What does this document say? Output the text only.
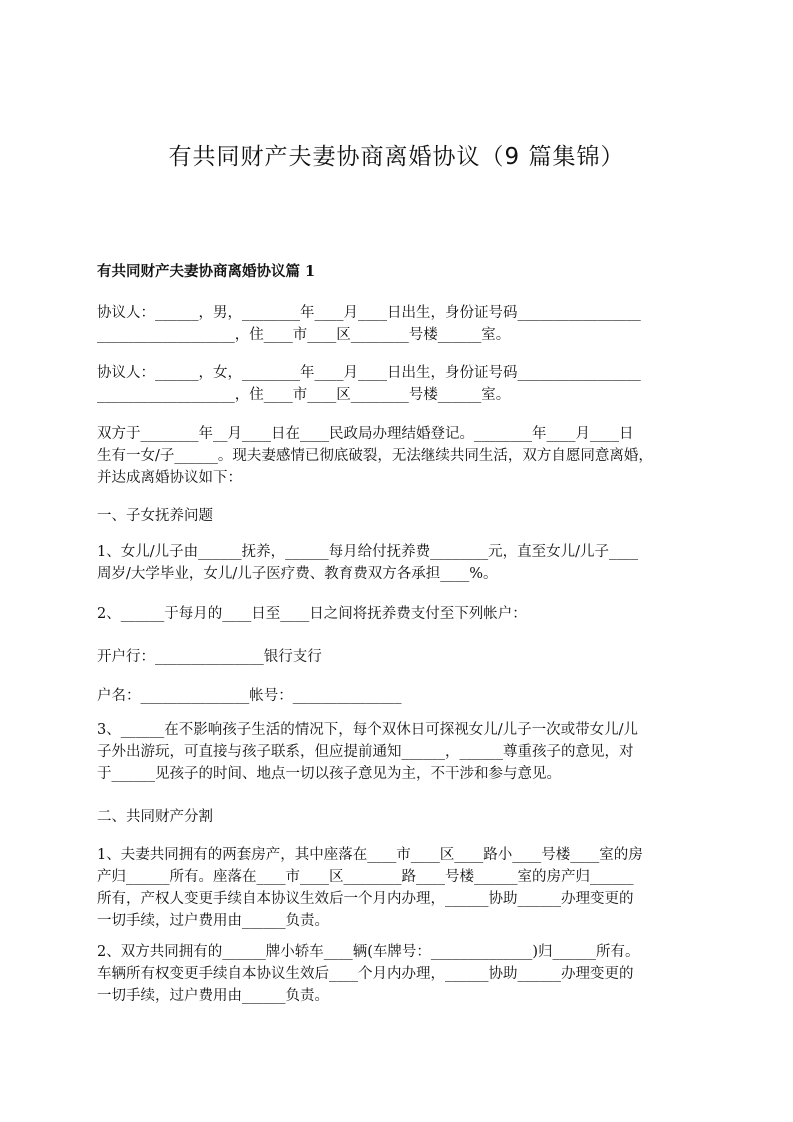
有共同财产夫妻协商离婚协议（9 篇集锦）
有共同财产夫妻协商离婚协议篇 1
协议人：______，男，________年____月____日出生，身份证号码_________________
___________________，住____市____区________号楼______室。
协议人：______，女，________年____月____日出生，身份证号码_________________
___________________，住____市____区________号楼______室。
双方于________年__月____日在____民政局办理结婚登记。________年____月____日
生有一女/子______。现夫妻感情已彻底破裂，无法继续共同生活，双方自愿同意离婚，
并达成离婚协议如下：
一、子女抚养问题
1、女儿/儿子由______抚养，______每月给付抚养费________元，直至女儿/儿子____
周岁/大学毕业，女儿/儿子医疗费、教育费双方各承担____%。
2、______于每月的____日至____日之间将抚养费支付至下列帐户：
开户行：_______________银行支行
户名：_______________帐号：_______________
3、______在不影响孩子生活的情况下，每个双休日可探视女儿/儿子一次或带女儿/儿
子外出游玩，可直接与孩子联系，但应提前通知______，______尊重孩子的意见，对
于______见孩子的时间、地点一切以孩子意见为主，不干涉和参与意见。
二、共同财产分割
1、夫妻共同拥有的两套房产，其中座落在____市____区____路小____号楼____室的房
产归______所有。座落在____市____区________路____号楼______室的房产归______
所有，产权人变更手续自本协议生效后一个月内办理，______协助______办理变更的
一切手续，过户费用由______负责。
2、双方共同拥有的______牌小轿车____辆(车牌号：______________)归______所有。
车辆所有权变更手续自本协议生效后____个月内办理，______协助______办理变更的
一切手续，过户费用由______负责。
